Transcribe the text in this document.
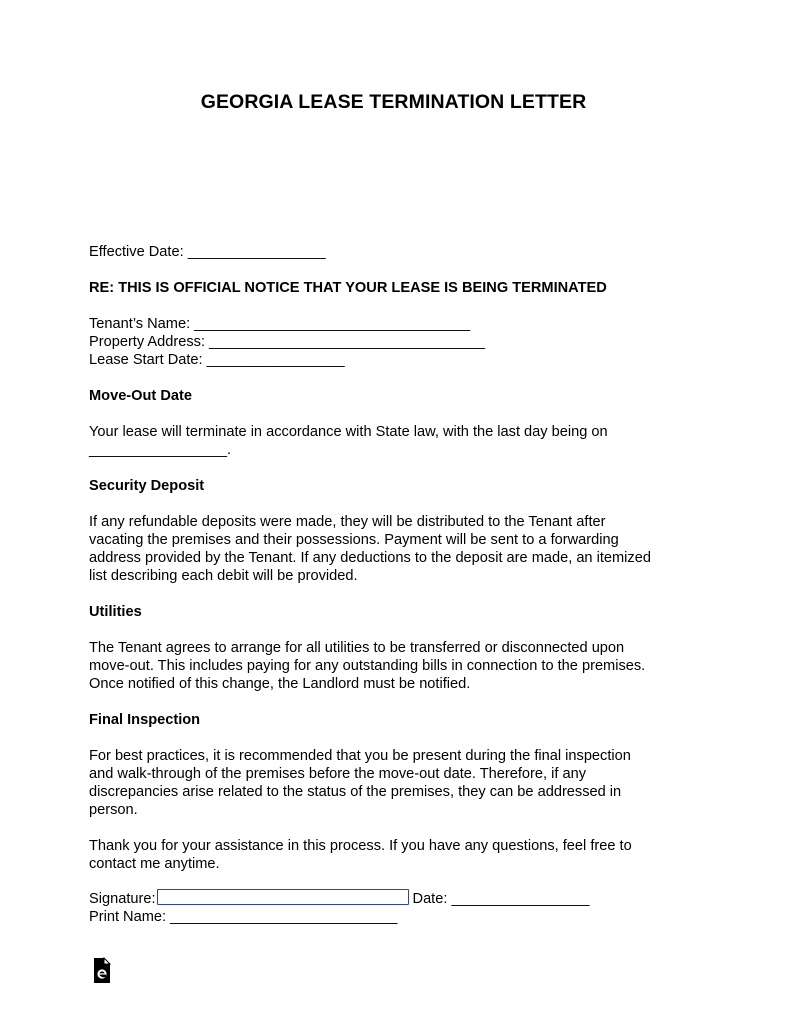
GEORGIA LEASE TERMINATION LETTER
Effective Date: _________________
RE: THIS IS OFFICIAL NOTICE THAT YOUR LEASE IS BEING TERMINATED
Tenant’s Name: __________________________________
Property Address: __________________________________
Lease Start Date: _________________
Move-Out Date
Your lease will terminate in accordance with State law, with the last day being on
_________________.
Security Deposit
If any refundable deposits were made, they will be distributed to the Tenant after
vacating the premises and their possessions. Payment will be sent to a forwarding
address provided by the Tenant. If any deductions to the deposit are made, an itemized
list describing each debit will be provided.
Utilities
The Tenant agrees to arrange for all utilities to be transferred or disconnected upon
move-out. This includes paying for any outstanding bills in connection to the premises.
Once notified of this change, the Landlord must be notified.
Final Inspection
For best practices, it is recommended that you be present during the final inspection
and walk-through of the premises before the move-out date. Therefore, if any
discrepancies arise related to the status of the premises, they can be addressed in
person.
Thank you for your assistance in this process. If you have any questions, feel free to
contact me anytime.
Signature:	Date: _________________
Print Name: ____________________________
